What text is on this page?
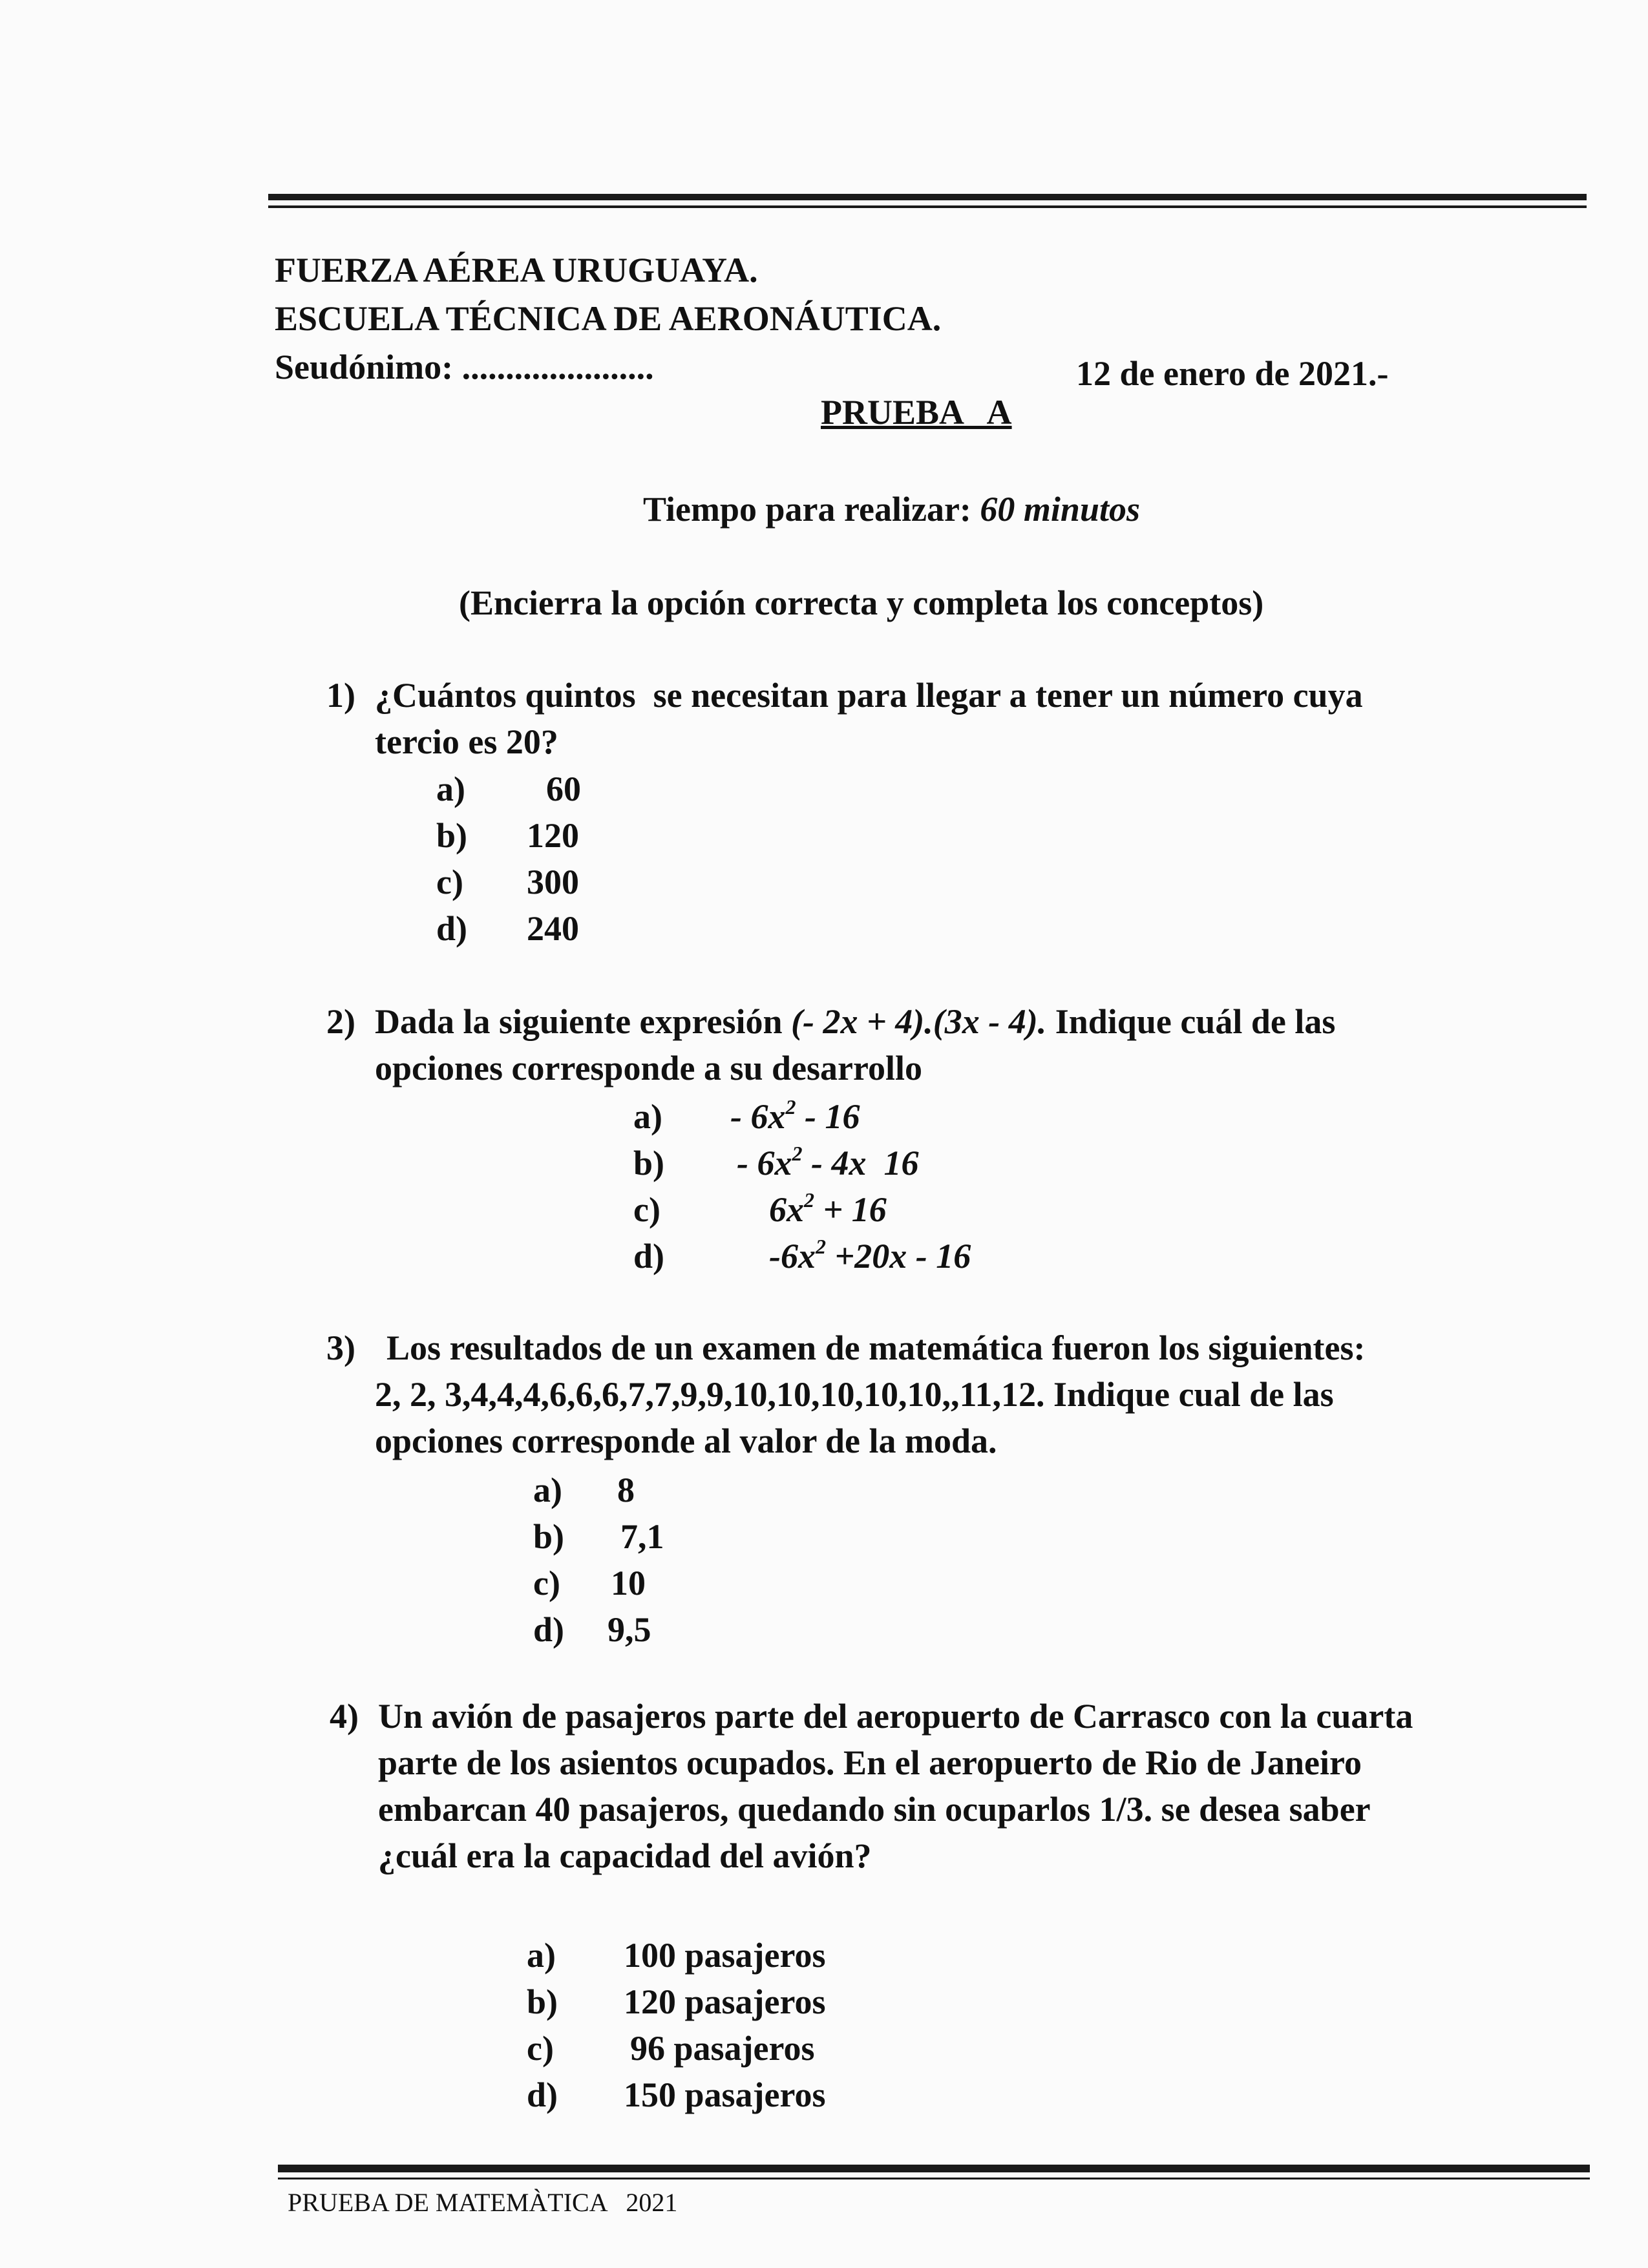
FUERZA AÉREA URUGUAYA.
ESCUELA TÉCNICA DE AERONÁUTICA.
Seudónimo: ......................	12 de enero de 2021.-
PRUEBA   A
Tiempo para realizar: 60 minutos
(Encierra la opción correcta y completa los conceptos)
1) ¿Cuántos quintos  se necesitan para llegar a tener un número cuya
tercio es 20?
a) 60
b) 120
c) 300
d) 240
2) Dada la siguiente expresión (- 2x + 4).(3x - 4). Indique cuál de las
opciones corresponde a su desarrollo
$a) - 6x^2 - 16$
$b) - 6x^2 - 4x$  16
c)	$6x^2 + 16$
d)	$-6x^2 +20x - 16$
3) Los resultados de un examen de matemática fueron los siguientes:
2, 2, 3,4,4,4,6,6,6,7,7,9,9,10,10,10,10,10,,11,12. Indique cual de las
opciones corresponde al valor de la moda.
a) 8
b) 7,1
c) 10
d) 9,5
4) Un avión de pasajeros parte del aeropuerto de Carrasco con la cuarta
parte de los asientos ocupados. En el aeropuerto de Rio de Janeiro
embarcan 40 pasajeros, quedando sin ocuparlos 1/3. se desea saber
¿cuál era la capacidad del avión?
a) 100 pasajeros
b) 120 pasajeros
c) 96 pasajeros
d) 150 pasajeros
PRUEBA DE MATEMÀTICA   2021
